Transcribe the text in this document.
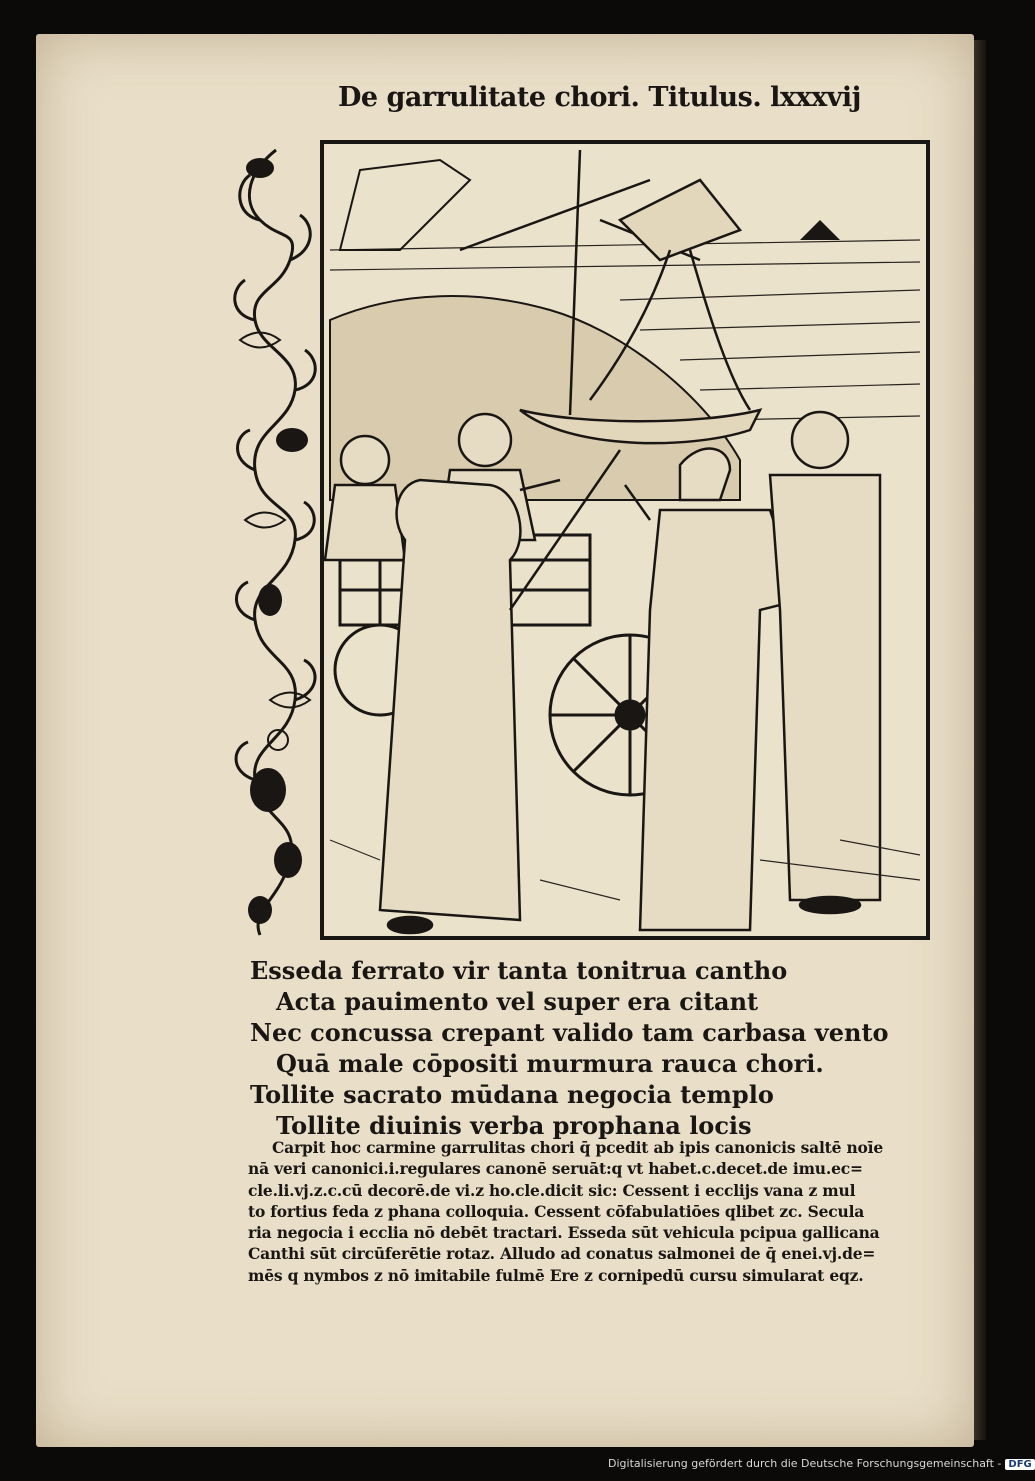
De garrulitate chori. Titulus. lxxxvij
Esseda ferrato vir tanta tonitrua cantho
Acta pauimento vel super era citant
Nec concussa crepant valido tam carbasa vento
Quā male cōpositi murmura rauca chori.
Tollite sacrato mūdana negocia templo
Tollite diuinis verba prophana locis
Carpit hoc carmine garrulitas chori q̄ pcedit ab ipis canonicis saltē noīe
nā veri canonici.i.regulares canonē seruāt:q vt habet.c.decet.de imu.ec=
cle.li.vj.z.c.cū decorē.de vi.z ho.cle.dicit sic: Cessent i ecclijs vana z mul
to fortius feda z phana colloquia. Cessent cōfabulatiōes qlibet zc. Secula
ria negocia i ecclia nō debēt tractari. Esseda sūt vehicula pcipua gallicana
Canthi sūt circūferētie rotaz. Alludo ad conatus salmonei de q̄ enei.vj.de=
mēs q nymbos z nō imitabile fulmē Ere z cornipedū cursu simularat eqz.
Digitalisierung gefördert durch die Deutsche Forschungsgemeinschaft - DFG
